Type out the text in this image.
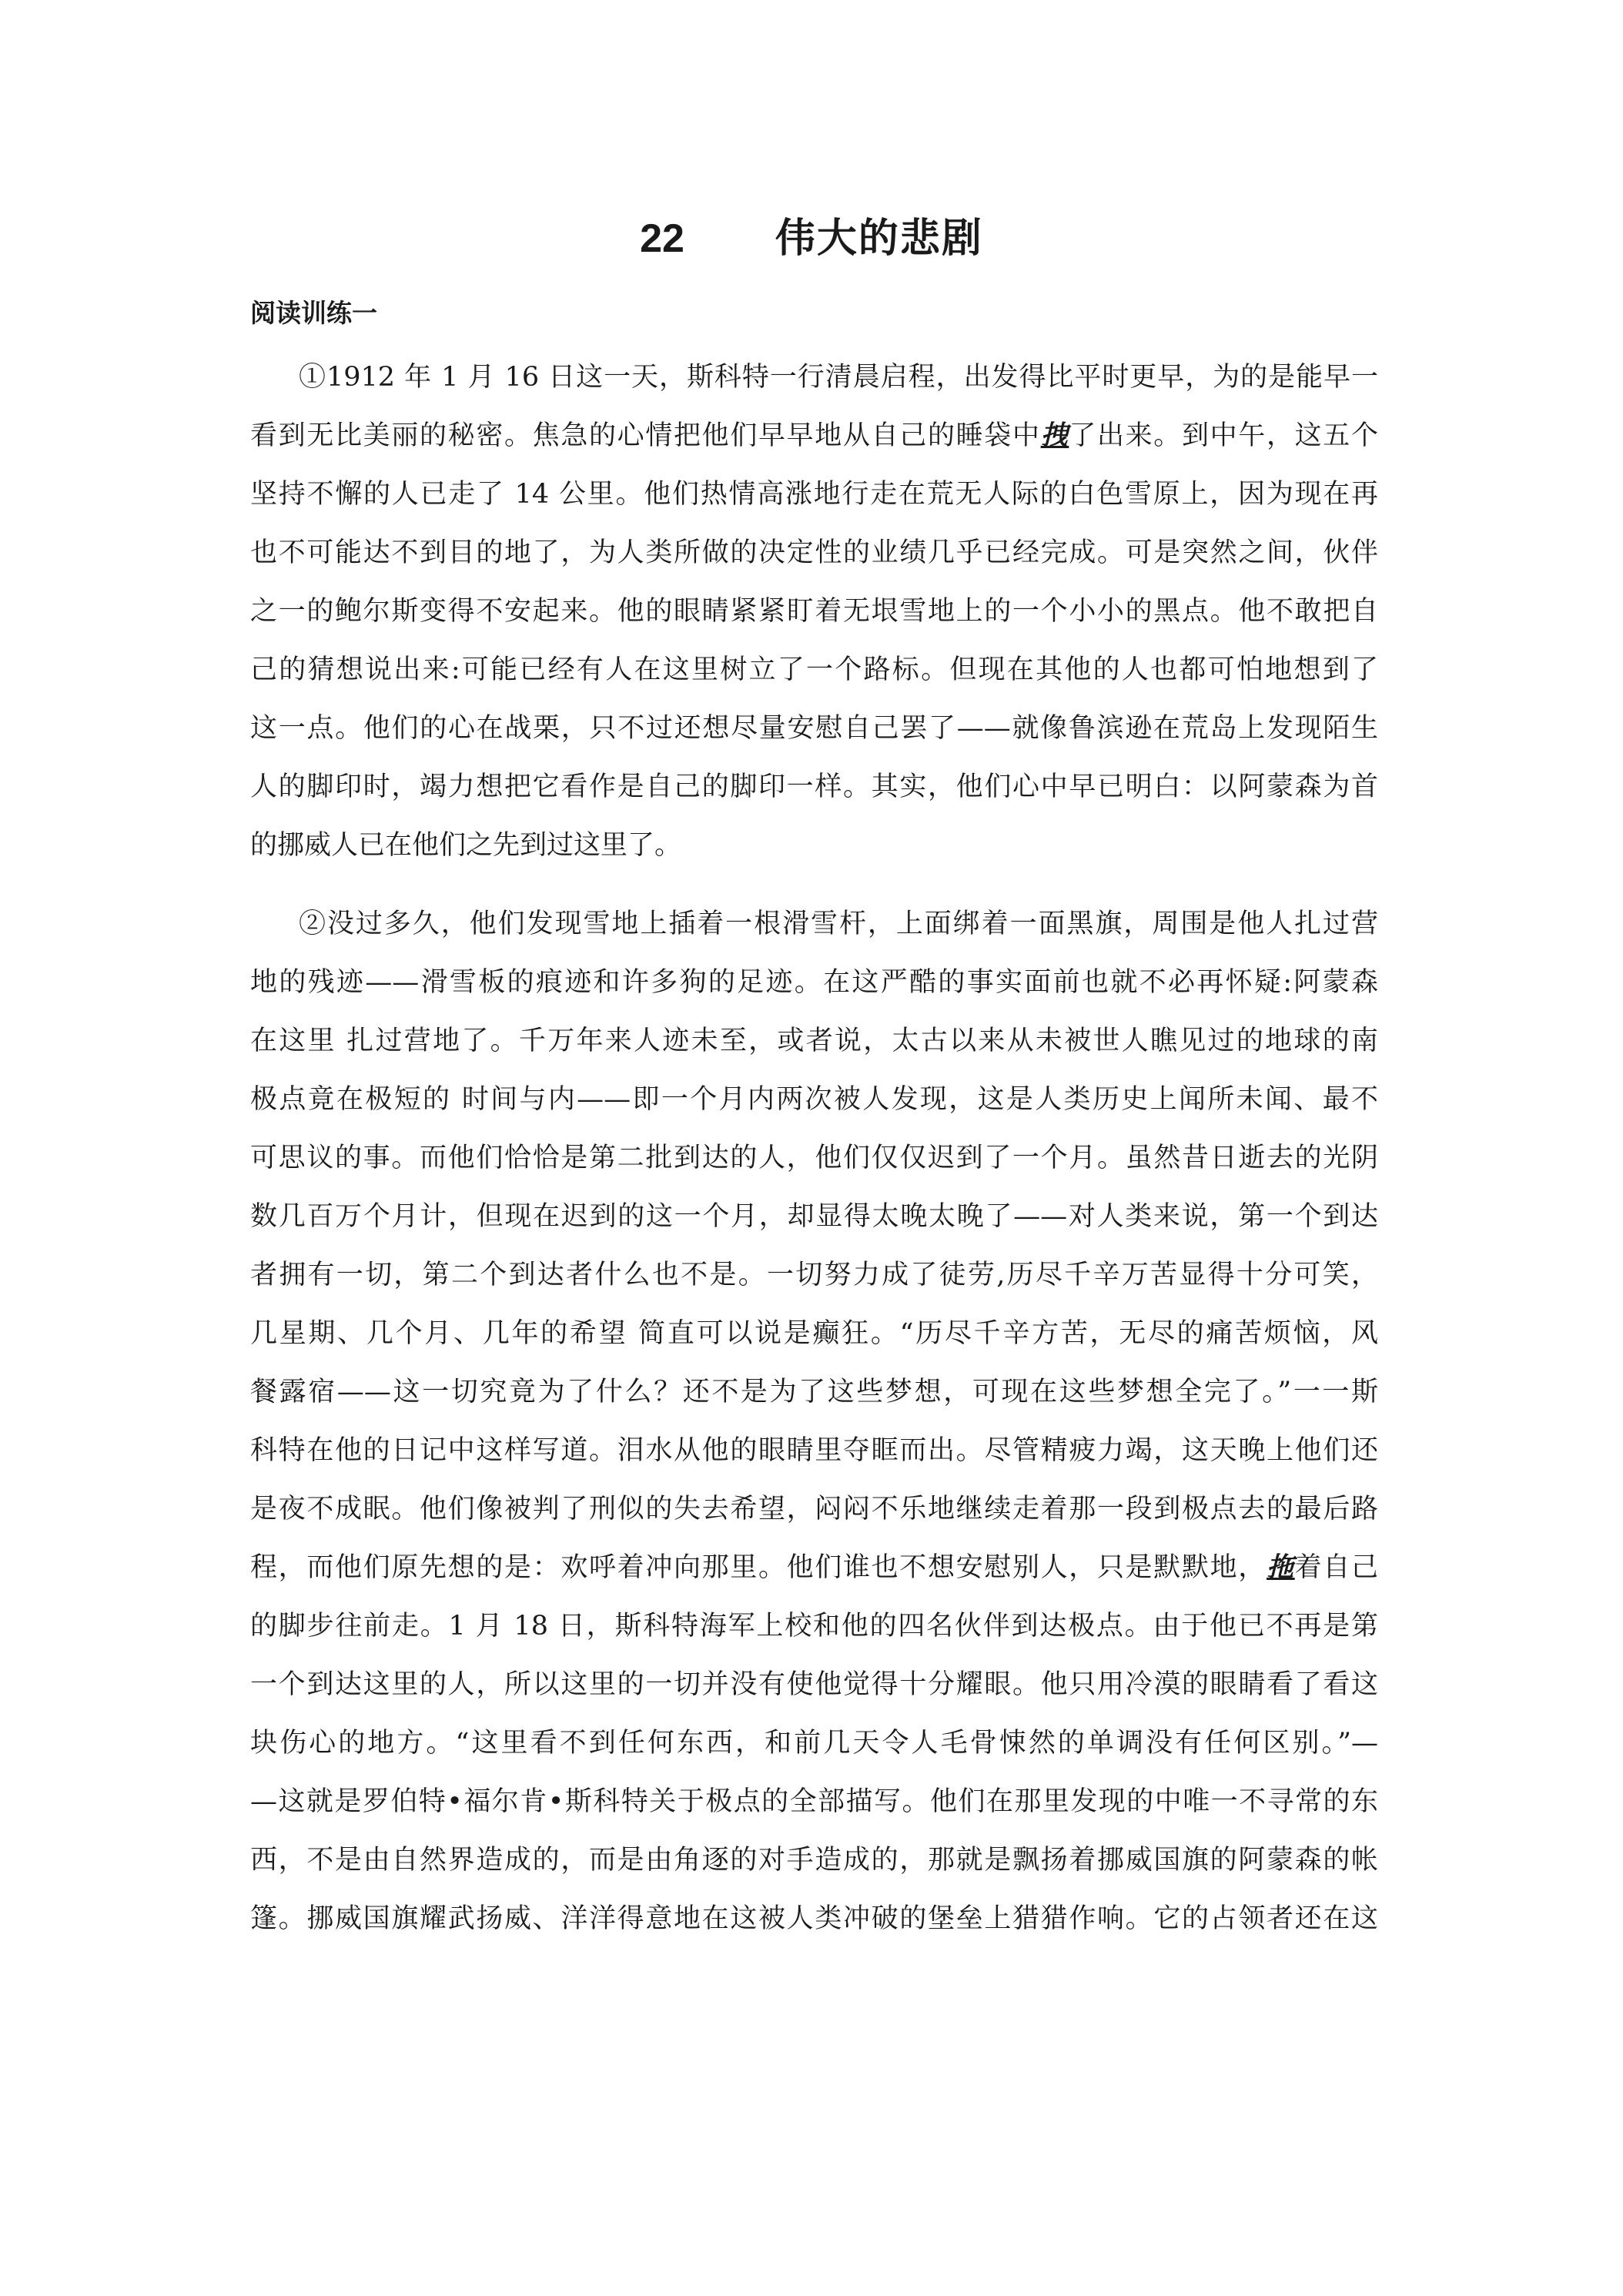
22 伟大的悲剧
阅读训练一
①1912 年 1 月 16 日这一天，斯科特一行清晨启程，出发得比平时更早，为的是能早一
看到无比美丽的秘密。焦急的心情把他们早早地从自己的睡袋中拽了出来。到中午，这五个
坚持不懈的人已走了 14 公里。他们热情高涨地行走在荒无人际的白色雪原上，因为现在再
也不可能达不到目的地了，为人类所做的决定性的业绩几乎已经完成。可是突然之间，伙伴
之一的鲍尔斯变得不安起来。他的眼睛紧紧盯着无垠雪地上的一个小小的黑点。他不敢把自
己的猜想说出来:可能已经有人在这里树立了一个路标。但现在其他的人也都可怕地想到了
这一点。他们的心在战栗，只不过还想尽量安慰自己罢了——就像鲁滨逊在荒岛上发现陌生
人的脚印时，竭力想把它看作是自己的脚印一样。其实，他们心中早已明白：以阿蒙森为首
的挪威人已在他们之先到过这里了。
②没过多久，他们发现雪地上插着一根滑雪杆，上面绑着一面黑旗，周围是他人扎过营
地的残迹——滑雪板的痕迹和许多狗的足迹。在这严酷的事实面前也就不必再怀疑:阿蒙森
在这里 扎过营地了。千万年来人迹未至，或者说，太古以来从未被世人瞧见过的地球的南
极点竟在极短的 时间与内——即一个月内两次被人发现，这是人类历史上闻所未闻、最不
可思议的事。而他们恰恰是第二批到达的人，他们仅仅迟到了一个月。虽然昔日逝去的光阴
数几百万个月计，但现在迟到的这一个月，却显得太晚太晚了——对人类来说，第一个到达
者拥有一切，第二个到达者什么也不是。一切努力成了徒劳,历尽千辛万苦显得十分可笑，
几星期、几个月、几年的希望 简直可以说是癫狂。“历尽千辛方苦，无尽的痛苦烦恼，风
餐露宿——这一切究竟为了什么？还不是为了这些梦想，可现在这些梦想全完了。”一一斯
科特在他的日记中这样写道。泪水从他的眼睛里夺眶而出。尽管精疲力竭，这天晚上他们还
是夜不成眠。他们像被判了刑似的失去希望，闷闷不乐地继续走着那一段到极点去的最后路
程，而他们原先想的是：欢呼着冲向那里。他们谁也不想安慰别人，只是默默地，拖着自己
的脚步往前走。1 月 18 日，斯科特海军上校和他的四名伙伴到达极点。由于他已不再是第
一个到达这里的人，所以这里的一切并没有使他觉得十分耀眼。他只用冷漠的眼睛看了看这
块伤心的地方。“这里看不到任何东西，和前几天令人毛骨悚然的单调没有任何区别。”—
—这就是罗伯特•福尔肯•斯科特关于极点的全部描写。他们在那里发现的中唯一不寻常的东
西，不是由自然界造成的，而是由角逐的对手造成的，那就是飘扬着挪威国旗的阿蒙森的帐
篷。挪威国旗耀武扬威、洋洋得意地在这被人类冲破的堡垒上猎猎作响。它的占领者还在这
